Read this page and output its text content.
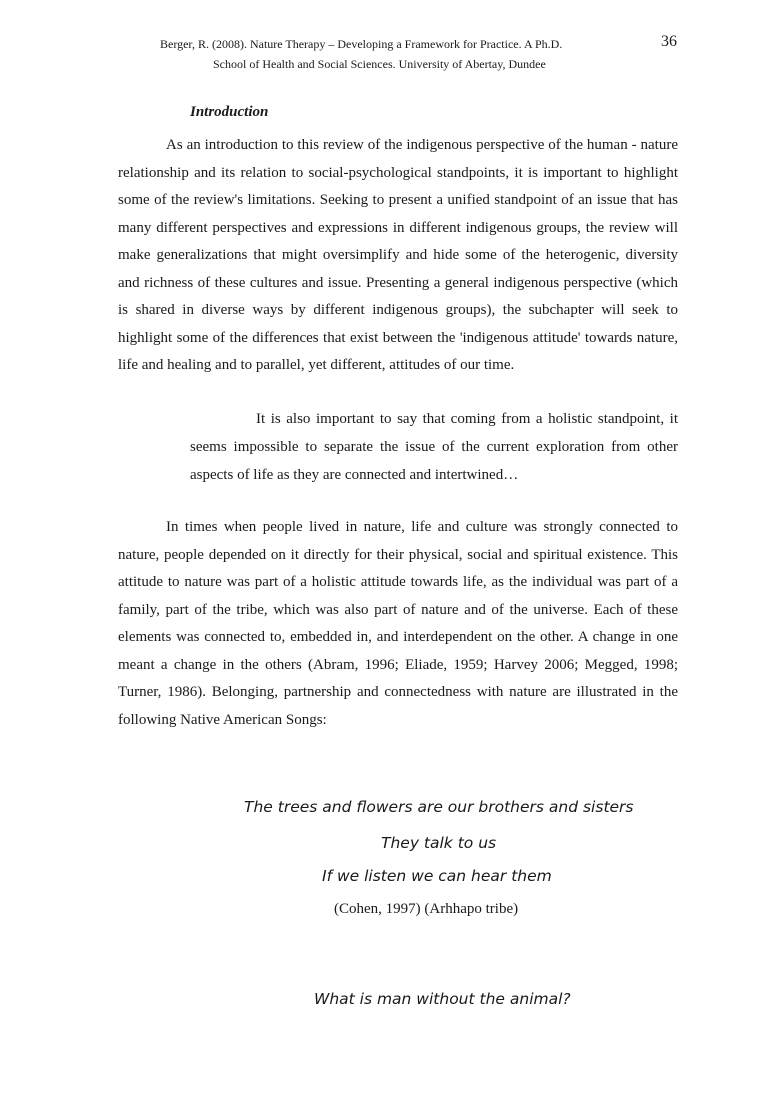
Berger, R. (2008). Nature Therapy – Developing a Framework for Practice. A Ph.D.
School of Health and Social Sciences. University of Abertay, Dundee
36
Introduction

As an introduction to this review of the indigenous perspective of the human - nature relationship and its relation to social-psychological standpoints, it is important to highlight some of the review's limitations. Seeking to present a unified standpoint of an issue that has many different perspectives and expressions in different indigenous groups, the review will make generalizations that might oversimplify and hide some of the heterogenic, diversity and richness of these cultures and issue. Presenting a general indigenous perspective (which is shared in diverse ways by different indigenous groups), the subchapter will seek to highlight some of the differences that exist between the 'indigenous attitude' towards nature, life and healing and to parallel, yet different, attitudes of our time.

It is also important to say that coming from a holistic standpoint, it seems impossible to separate the issue of the current exploration from other aspects of life as they are connected and intertwined…

In times when people lived in nature, life and culture was strongly connected to nature, people depended on it directly for their physical, social and spiritual existence. This attitude to nature was part of a holistic attitude towards life, as the individual was part of a family, part of the tribe, which was also part of nature and of the universe. Each of these elements was connected to, embedded in, and interdependent on the other. A change in one meant a change in the others (Abram, 1996; Eliade, 1959; Harvey 2006; Megged, 1998; Turner, 1986). Belonging, partnership and connectedness with nature are illustrated in the following Native American Songs:

The trees and flowers are our brothers and sisters
They talk to us
If we listen we can hear them
(Cohen, 1997) (Arhhapo tribe)
What is man without the animal?
